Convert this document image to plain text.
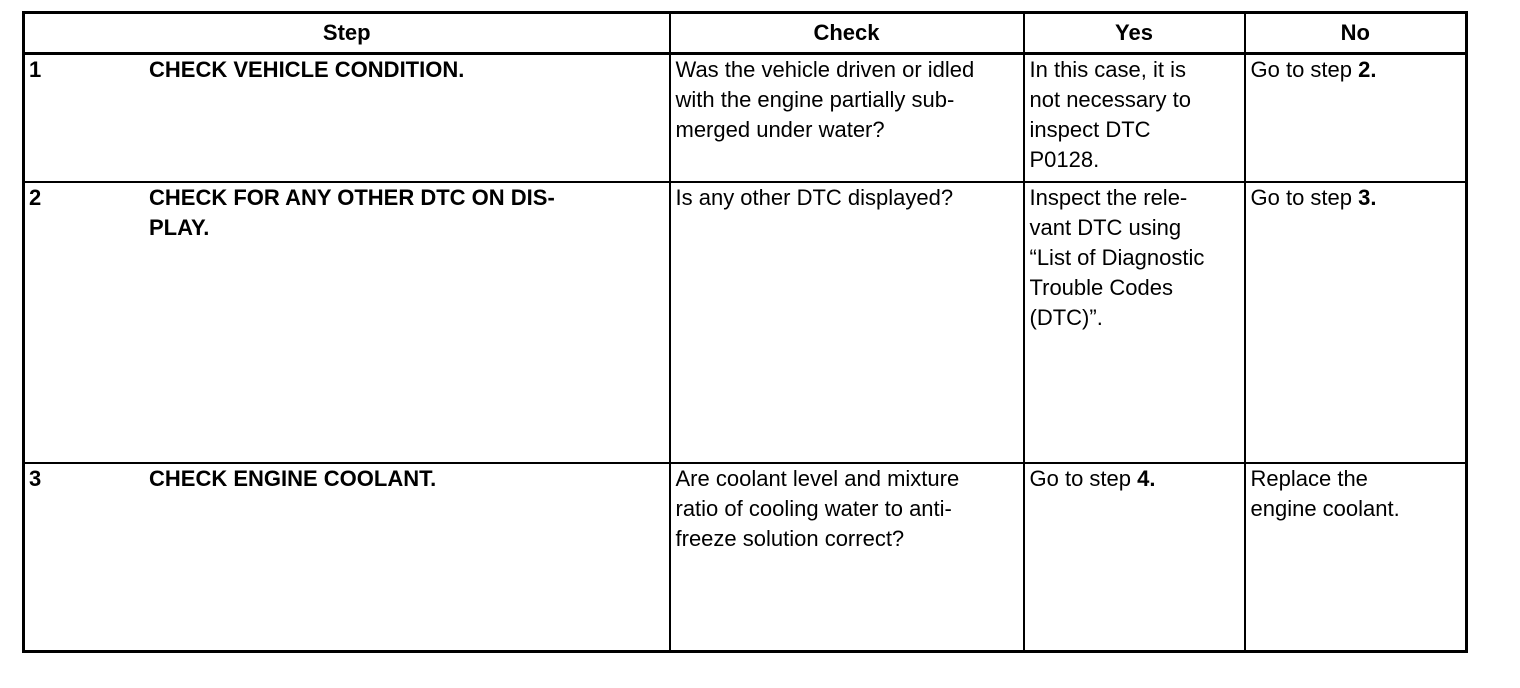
Step	Check	Yes	No

1 CHECK VEHICLE CONDITION.	Was the vehicle driven or idled
with the engine partially sub-
merged under water?	In this case, it is
not necessary to
inspect DTC
P0128.	Go to step 2.

2 CHECK FOR ANY OTHER DTC ON DIS-
PLAY.	Is any other DTC displayed?	Inspect the rele-
vant DTC using
“List of Diagnostic
Trouble Codes
(DTC)”.	Go to step 3.

3 CHECK ENGINE COOLANT.	Are coolant level and mixture
ratio of cooling water to anti-
freeze solution correct?	Go to step 4.	Replace the
engine coolant.
